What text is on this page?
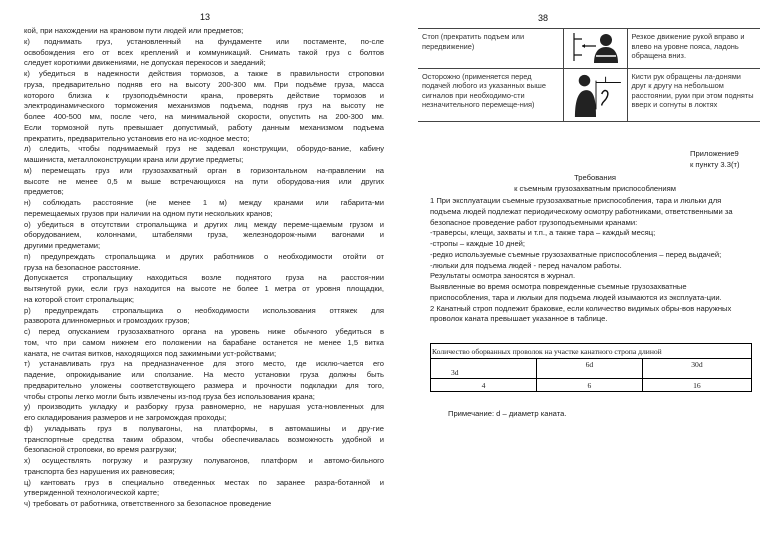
13
кой, при нахождении на крановом пути людей или предметов;
к) поднимать груз, установленный на фундаменте или постаменте, по-сле
освобождения его от всех креплений и коммуникаций. Снимать такой груз с болтов
следует короткими движениями, не допуская перекосов и заеданий;
к) убедиться в надежности действия тормозов, а также в правильности строповки
груза, предварительно подняв его на высоту 200-300 мм. При подъёме груза, масса
которого близка к грузоподъёмности крана, проверять действие тормозов и
электродинамического торможения механизмов подъема, подняв груз на высоту не
более 400-500 мм, после чего, на минимальной скорости, опустить на 200-300 мм.
Если тормозной путь превышает допустимый, работу данным механизмом подъема
прекратить, предварительно установив его на ис-ходное место;
л) следить, чтобы поднимаемый груз не задевал конструкции, оборудо-вание, кабину
машиниста, металлоконструкции крана или другие предметы;
м) перемещать груз или грузозахватный орган в горизонтальном на-правлении на
высоте не менее 0,5 м выше встречающихся на пути оборудова-ния или других
предметов;
н) соблюдать расстояние (не менее 1 м) между кранами или габарита-ми
перемещаемых грузов при наличии на одном пути нескольких кранов;
о) убедиться в отсутствии стропальщика и других лиц между переме-щаемым грузом и
оборудованием, колоннами, штабелями груза, железнодорож-ными вагонами и
другими предметами;
п) предупреждать стропальщика и других работников о необходимости отойти от
груза на безопасное расстояние.
Допускается стропальщику находиться возле поднятого груза на расстоя-нии
вытянутой руки, если груз находится на высоте не более 1 метра от уровня площадки,
на которой стоит стропальщик;
р) предупреждать стропальщика о необходимости использования оттяжек для
разворота длинномерных и громоздких грузов;
с) перед опусканием грузозахватного органа на уровень ниже обычного убедиться в
том, что при самом нижнем его положении на барабане останется не менее 1,5 витка
каната, не считая витков, находящихся под зажимными уст-ройствами;
т) устанавливать груз на предназначенное для этого место, где исклю-чается его
падение, опрокидывание или сползание. На место установки груза должны быть
предварительно уложены соответствующего размера и прочности подкладки для того,
чтобы стропы легко могли быть извлечены из-под груза без использования крана;
у) производить укладку и разборку груза равномерно, не нарушая уста-новленных для
его складирования размеров и не загромождая проходы;
ф) укладывать груз в полувагоны, на платформы, в автомашины и дру-гие
транспортные средства таким образом, чтобы обеспечивалась возможность удобной и
безопасной строповки, во время разгрузки;
х) осуществлять погрузку и разгрузку полувагонов, платформ и автомо-бильного
транспорта без нарушения их равновесия;
ц) кантовать груз в специально отведенных местах по заранее разра-ботанной и
утвержденной технологической карте;
ч) требовать от работника, ответственного за безопасное проведение
38
Стоп (прекратить подъем или передвижение)		Резкое движение рукой вправо и влево на уровне пояса, ладонь обращена вниз.
Осторожно (применяется перед подачей любого из указанных выше сигналов при необходимо-сти незначительного перемеще-ния)		Кисти рук обращены ла-донями друг к другу на небольшом расстоянии, руки при этом подняты вверх и согнуты в локтях
Приложение9
к пункту 3.3(т)
Требования
к съемным грузозахватным приспособлениям
1 При эксплуатации съемные грузозахватные приспособления, тара и люльки для
подъема людей подлежат периодическому осмотру работниками, ответственными за
безопасное проведение работ грузоподъемными кранами:
-траверсы, клещи, захваты и т.п., а также тара – каждый месяц;
-стропы – каждые 10 дней;
-редко используемые съемные грузозахватные приспособления – перед выдачей;
-люльки для подъема людей - перед началом работы.
Результаты осмотра заносятся в журнал.
Выявленные во время осмотра поврежденные съемные грузозахватные
приспособления, тара и люльки для подъема людей изымаются из эксплуата-ции.
2 Канатный строп подлежит браковке, если количество видимых обры-вов наружных
проволок каната превышает указанное в таблице.
Количество оборванных проволок на участке канатного стропа длиной		
3d	6d	30d
4	6	16
Примечание: d – диаметр каната.
